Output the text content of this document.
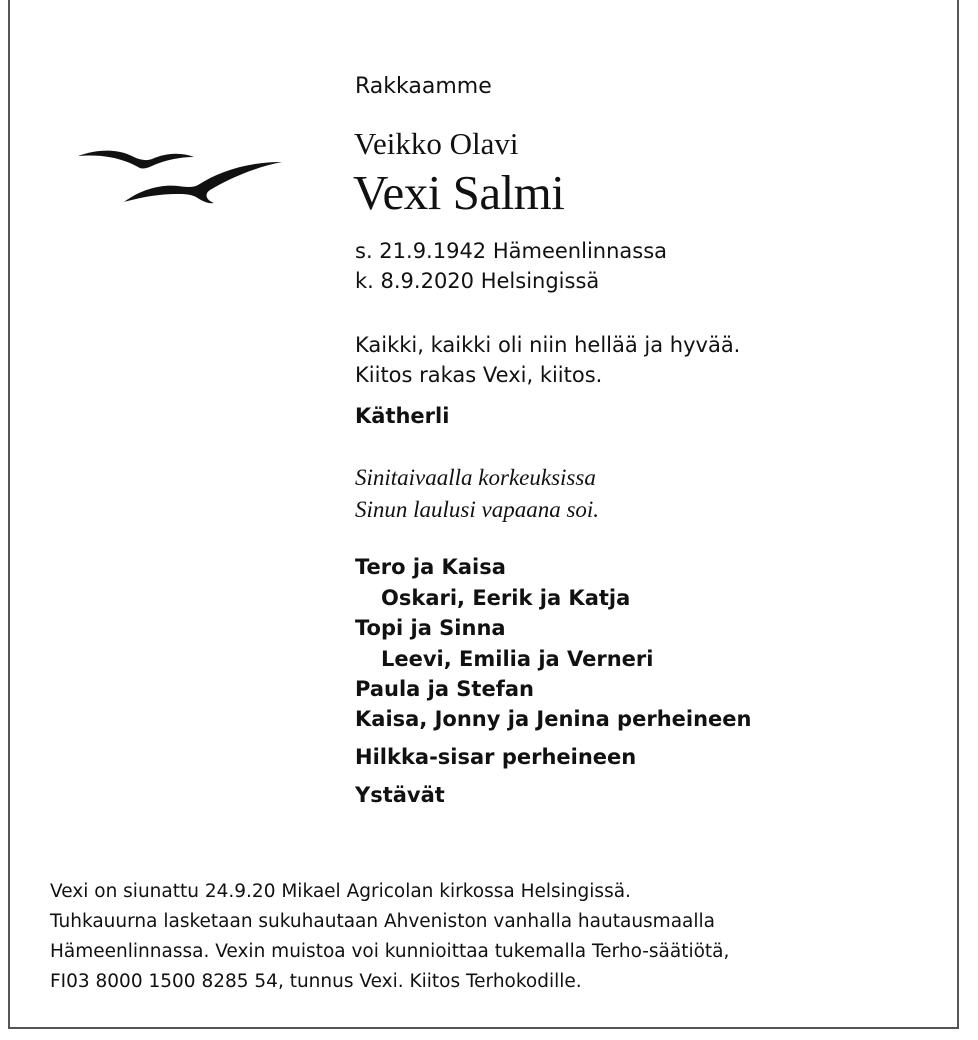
Rakkaamme
Veikko Olavi
Vexi Salmi
s. 21.9.1942 Hämeenlinnassa
k. 8.9.2020 Helsingissä
Kaikki, kaikki oli niin hellää ja hyvää.
Kiitos rakas Vexi, kiitos.
Kätherli
Sinitaivaalla korkeuksissa
Sinun laulusi vapaana soi.
Tero ja Kaisa
Oskari, Eerik ja Katja
Topi ja Sinna
Leevi, Emilia ja Verneri
Paula ja Stefan
Kaisa, Jonny ja Jenina perheineen
Hilkka-sisar perheineen
Ystävät
Vexi on siunattu 24.9.20 Mikael Agricolan kirkossa Helsingissä.
Tuhkauurna lasketaan sukuhautaan Ahveniston vanhalla hautausmaalla
Hämeenlinnassa. Vexin muistoa voi kunnioittaa tukemalla Terho-säätiötä,
FI03 8000 1500 8285 54, tunnus Vexi. Kiitos Terhokodille.
